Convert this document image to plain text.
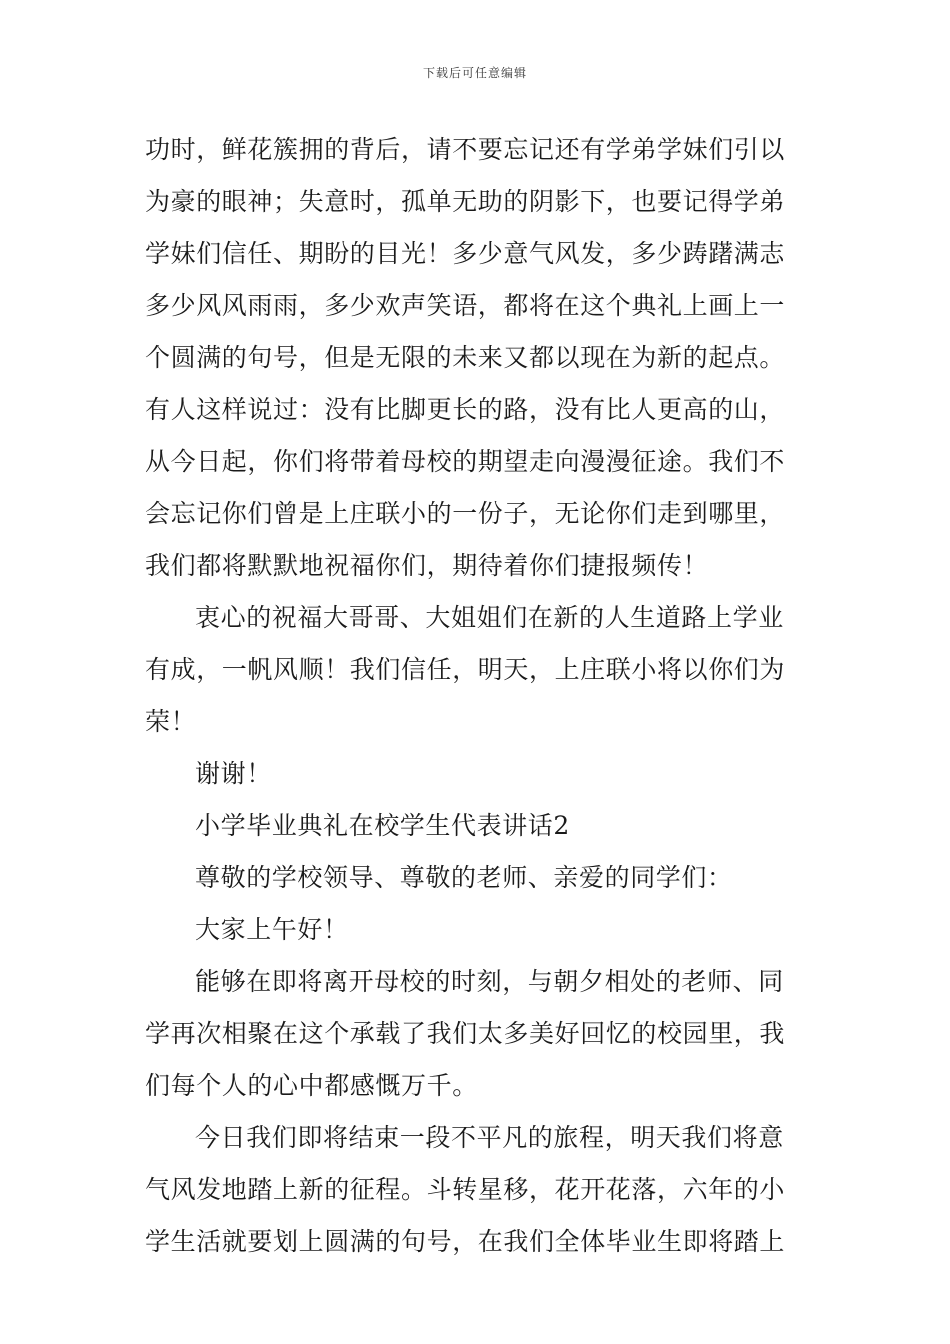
下载后可任意编辑
功时，鲜花簇拥的背后，请不要忘记还有学弟学妹们引以
为豪的眼神；失意时，孤单无助的阴影下，也要记得学弟
学妹们信任、期盼的目光！多少意气风发，多少踌躇满志
多少风风雨雨，多少欢声笑语，都将在这个典礼上画上一
个圆满的句号，但是无限的未来又都以现在为新的起点。
有人这样说过：没有比脚更长的路，没有比人更高的山，
从今日起，你们将带着母校的期望走向漫漫征途。我们不
会忘记你们曾是上庄联小的一份子，无论你们走到哪里，
我们都将默默地祝福你们，期待着你们捷报频传！
衷心的祝福大哥哥、大姐姐们在新的人生道路上学业
有成，一帆风顺！我们信任，明天，上庄联小将以你们为
荣！
谢谢！
小学毕业典礼在校学生代表讲话2
尊敬的学校领导、尊敬的老师、亲爱的同学们：
大家上午好！
能够在即将离开母校的时刻，与朝夕相处的老师、同
学再次相聚在这个承载了我们太多美好回忆的校园里，我
们每个人的心中都感慨万千。
今日我们即将结束一段不平凡的旅程，明天我们将意
气风发地踏上新的征程。斗转星移，花开花落，六年的小
学生活就要划上圆满的句号，在我们全体毕业生即将踏上
